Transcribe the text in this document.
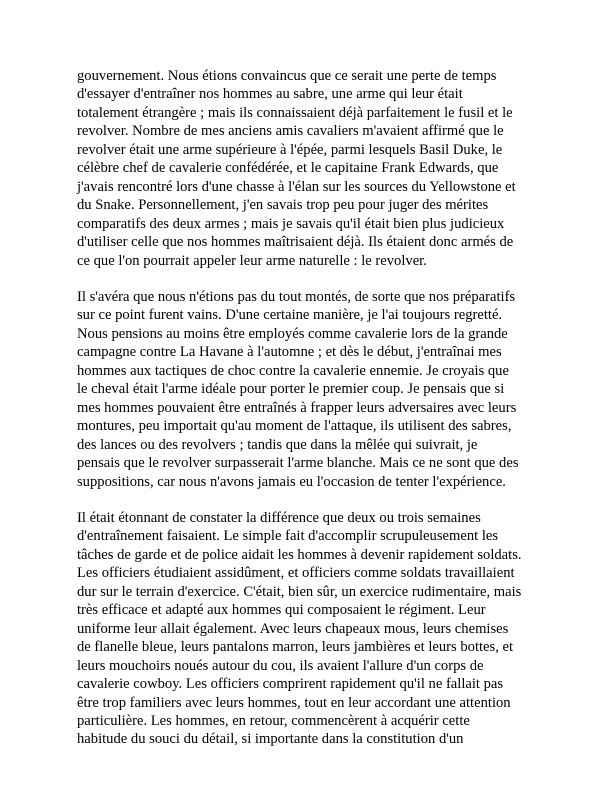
gouvernement. Nous étions convaincus que ce serait une perte de temps
d'essayer d'entraîner nos hommes au sabre, une arme qui leur était
totalement étrangère ; mais ils connaissaient déjà parfaitement le fusil et le
revolver. Nombre de mes anciens amis cavaliers m'avaient affirmé que le
revolver était une arme supérieure à l'épée, parmi lesquels Basil Duke, le
célèbre chef de cavalerie confédérée, et le capitaine Frank Edwards, que
j'avais rencontré lors d'une chasse à l'élan sur les sources du Yellowstone et
du Snake. Personnellement, j'en savais trop peu pour juger des mérites
comparatifs des deux armes ; mais je savais qu'il était bien plus judicieux
d'utiliser celle que nos hommes maîtrisaient déjà. Ils étaient donc armés de
ce que l'on pourrait appeler leur arme naturelle : le revolver.

Il s'avéra que nous n'étions pas du tout montés, de sorte que nos préparatifs
sur ce point furent vains. D'une certaine manière, je l'ai toujours regretté.
Nous pensions au moins être employés comme cavalerie lors de la grande
campagne contre La Havane à l'automne ; et dès le début, j'entraînai mes
hommes aux tactiques de choc contre la cavalerie ennemie. Je croyais que
le cheval était l'arme idéale pour porter le premier coup. Je pensais que si
mes hommes pouvaient être entraînés à frapper leurs adversaires avec leurs
montures, peu importait qu'au moment de l'attaque, ils utilisent des sabres,
des lances ou des revolvers ; tandis que dans la mêlée qui suivrait, je
pensais que le revolver surpasserait l'arme blanche. Mais ce ne sont que des
suppositions, car nous n'avons jamais eu l'occasion de tenter l'expérience.

Il était étonnant de constater la différence que deux ou trois semaines
d'entraînement faisaient. Le simple fait d'accomplir scrupuleusement les
tâches de garde et de police aidait les hommes à devenir rapidement soldats.
Les officiers étudiaient assidûment, et officiers comme soldats travaillaient
dur sur le terrain d'exercice. C'était, bien sûr, un exercice rudimentaire, mais
très efficace et adapté aux hommes qui composaient le régiment. Leur
uniforme leur allait également. Avec leurs chapeaux mous, leurs chemises
de flanelle bleue, leurs pantalons marron, leurs jambières et leurs bottes, et
leurs mouchoirs noués autour du cou, ils avaient l'allure d'un corps de
cavalerie cowboy. Les officiers comprirent rapidement qu'il ne fallait pas
être trop familiers avec leurs hommes, tout en leur accordant une attention
particulière. Les hommes, en retour, commencèrent à acquérir cette
habitude du souci du détail, si importante dans la constitution d'un
